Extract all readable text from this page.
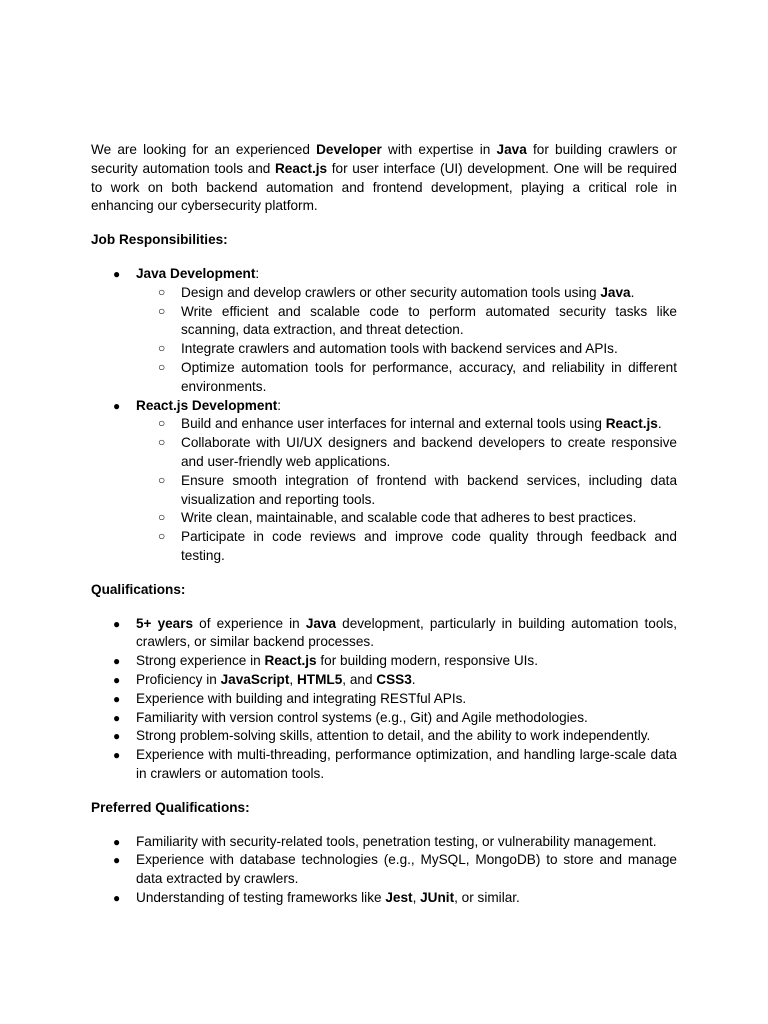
We are looking for an experienced Developer with expertise in Java for building crawlers or security automation tools and React.js for user interface (UI) development. One will be required to work on both backend automation and frontend development, playing a critical role in enhancing our cybersecurity platform.

Job Responsibilities:
● Java Development:
○ Design and develop crawlers or other security automation tools using Java.
○ Write efficient and scalable code to perform automated security tasks like scanning, data extraction, and threat detection.
○ Integrate crawlers and automation tools with backend services and APIs.
○ Optimize automation tools for performance, accuracy, and reliability in different environments.
● React.js Development:
○ Build and enhance user interfaces for internal and external tools using React.js.
○ Collaborate with UI/UX designers and backend developers to create responsive and user-friendly web applications.
○ Ensure smooth integration of frontend with backend services, including data visualization and reporting tools.
○ Write clean, maintainable, and scalable code that adheres to best practices.
○ Participate in code reviews and improve code quality through feedback and testing.
Qualifications:
● 5+ years of experience in Java development, particularly in building automation tools, crawlers, or similar backend processes.
● Strong experience in React.js for building modern, responsive UIs.
● Proficiency in JavaScript, HTML5, and CSS3.
● Experience with building and integrating RESTful APIs.
● Familiarity with version control systems (e.g., Git) and Agile methodologies.
● Strong problem-solving skills, attention to detail, and the ability to work independently.
● Experience with multi-threading, performance optimization, and handling large-scale data in crawlers or automation tools.
Preferred Qualifications:
● Familiarity with security-related tools, penetration testing, or vulnerability management.
● Experience with database technologies (e.g., MySQL, MongoDB) to store and manage data extracted by crawlers.
● Understanding of testing frameworks like Jest, JUnit, or similar.
